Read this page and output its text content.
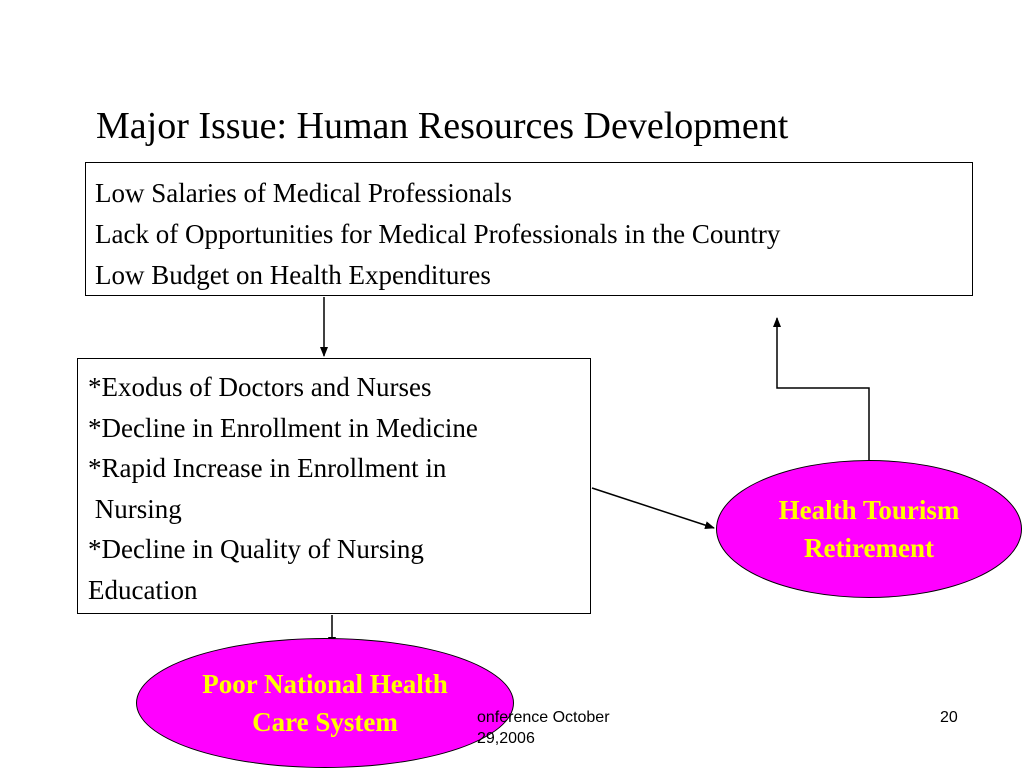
Major Issue: Human Resources Development
Low Salaries of Medical Professionals
Lack of Opportunities for Medical Professionals in the Country
Low Budget on Health Expenditures
*Exodus of Doctors and Nurses
*Decline in Enrollment in Medicine
*Rapid Increase in Enrollment in
Nursing
*Decline in Quality of Nursing
Education
Health Tourism
Retirement
Poor National Health
Care System	onference October
29,2006
20
